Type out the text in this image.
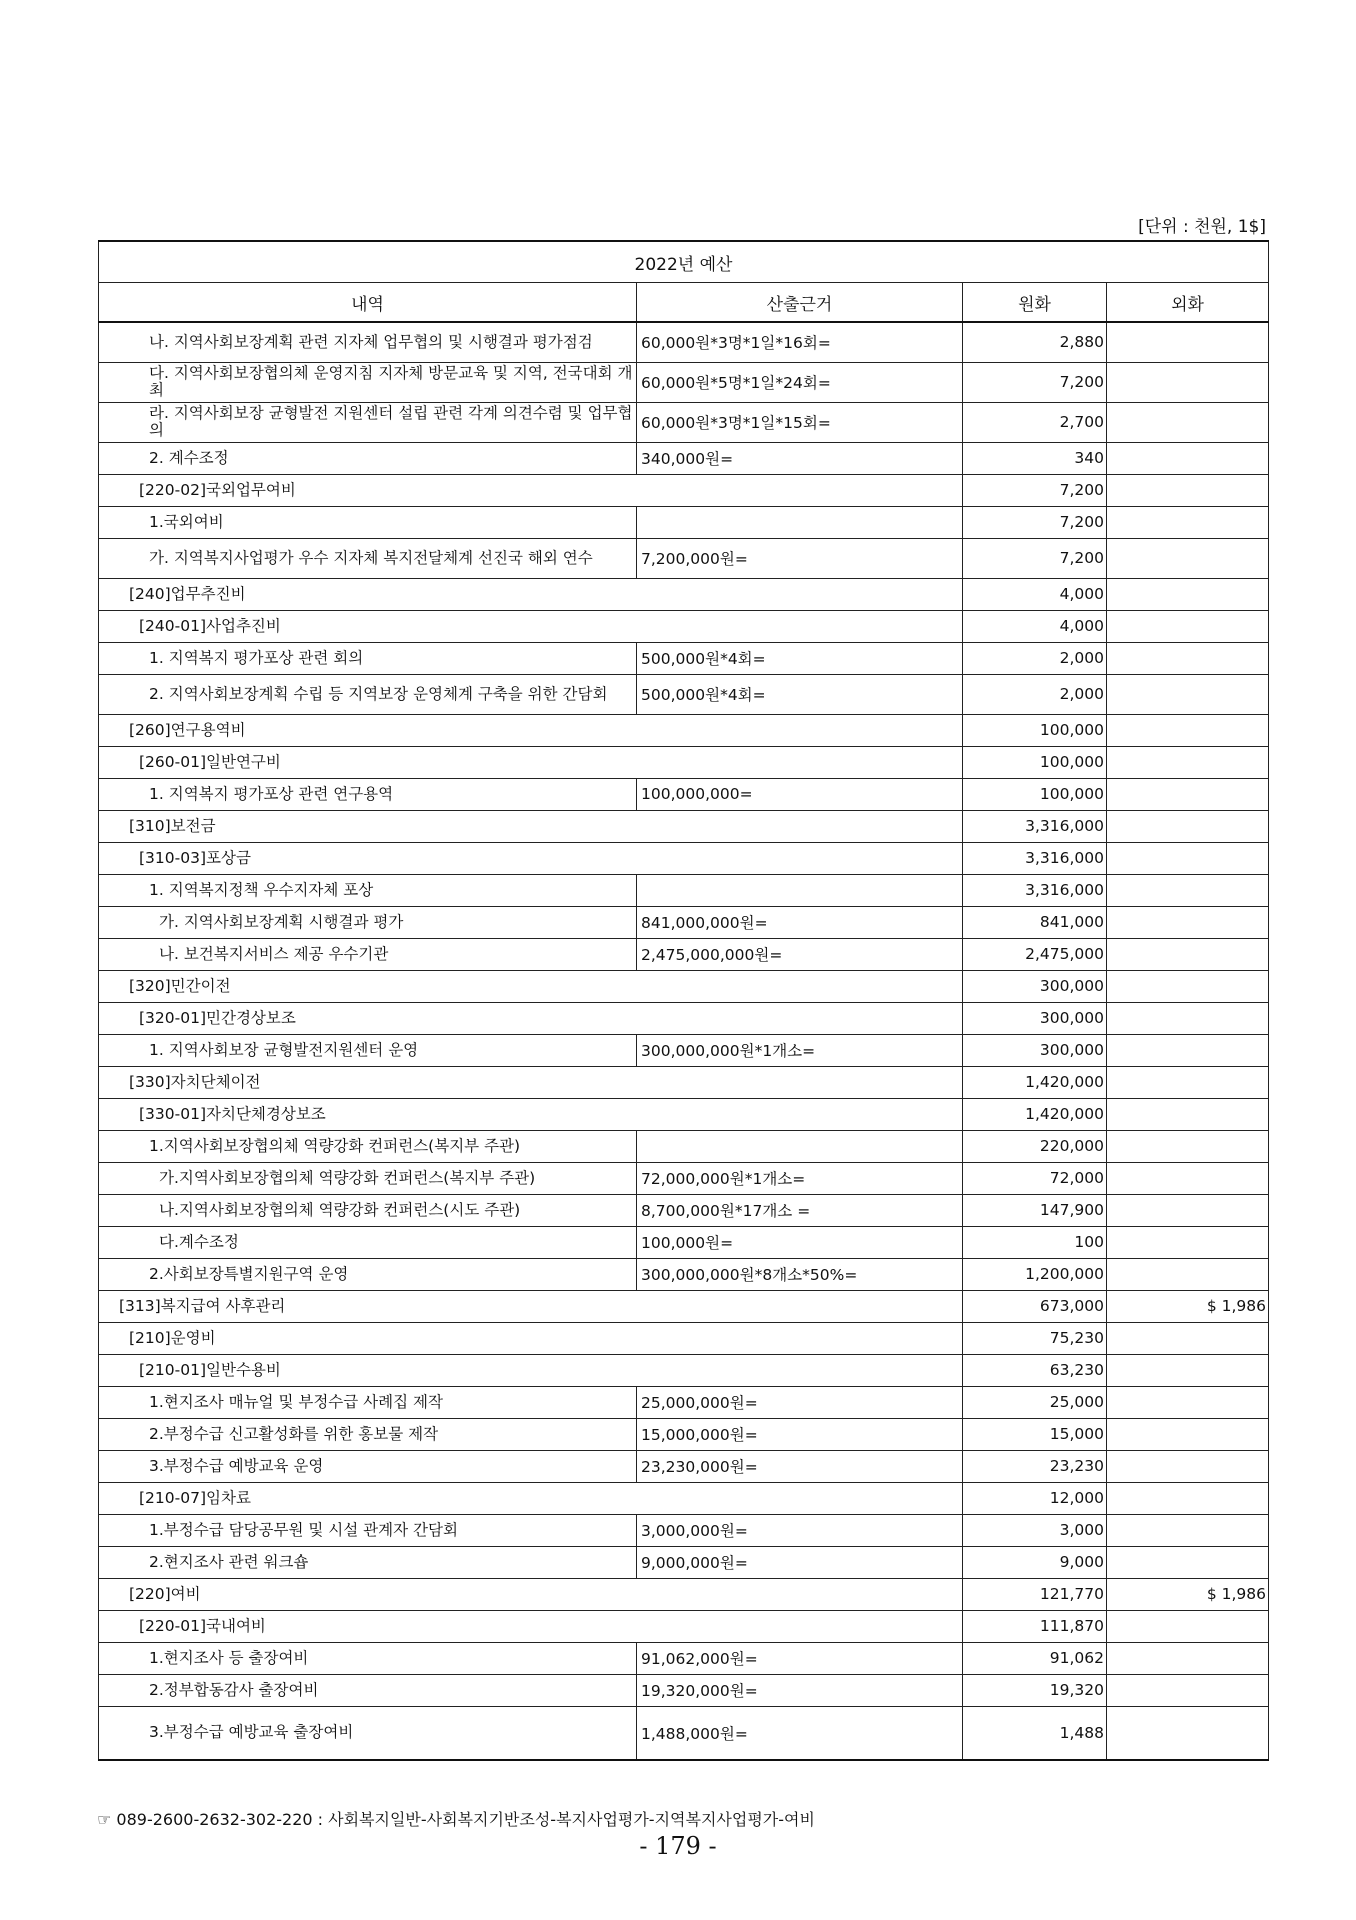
[단위 : 천원, 1$]
2022년 예산			
내역	산출근거	원화	외화
나. 지역사회보장계획 관련 지자체 업무협의 및 시행결과 평가점검	60,000원*3명*1일*16회=	2,880	
다. 지역사회보장협의체 운영지침 지자체 방문교육 및 지역, 전국대회 개최	60,000원*5명*1일*24회=	7,200	
라. 지역사회보장 균형발전 지원센터 설립 관련 각계 의견수렴 및 업무협의	60,000원*3명*1일*15회=	2,700	
2. 계수조정	340,000원=	340	
[220-02]국외업무여비		7,200	
1.국외여비		7,200	
가. 지역복지사업평가 우수 지자체 복지전달체계 선진국 해외 연수	7,200,000원=	7,200	
[240]업무추진비		4,000	
[240-01]사업추진비		4,000	
1. 지역복지 평가포상 관련 회의	500,000원*4회=	2,000	
2. 지역사회보장계획 수립 등 지역보장 운영체계 구축을 위한 간담회	500,000원*4회=	2,000	
[260]연구용역비		100,000	
[260-01]일반연구비		100,000	
1. 지역복지 평가포상 관련 연구용역	100,000,000=	100,000	
[310]보전금		3,316,000	
[310-03]포상금		3,316,000	
1. 지역복지정책 우수지자체 포상		3,316,000	
가. 지역사회보장계획 시행결과 평가	841,000,000원=	841,000	
나. 보건복지서비스 제공 우수기관	2,475,000,000원=	2,475,000	
[320]민간이전		300,000	
[320-01]민간경상보조		300,000	
1. 지역사회보장 균형발전지원센터 운영	300,000,000원*1개소=	300,000	
[330]자치단체이전		1,420,000	
[330-01]자치단체경상보조		1,420,000	
1.지역사회보장협의체 역량강화 컨퍼런스(복지부 주관)		220,000	
가.지역사회보장협의체 역량강화 컨퍼런스(복지부 주관)	72,000,000원*1개소=	72,000	
나.지역사회보장협의체 역량강화 컨퍼런스(시도 주관)	8,700,000원*17개소 =	147,900	
다.계수조정	100,000원=	100	
2.사회보장특별지원구역 운영	300,000,000원*8개소*50%=	1,200,000	
[313]복지급여 사후관리		673,000	$ 1,986
[210]운영비		75,230	
[210-01]일반수용비		63,230	
1.현지조사 매뉴얼 및 부정수급 사례집 제작	25,000,000원=	25,000	
2.부정수급 신고활성화를 위한 홍보물 제작	15,000,000원=	15,000	
3.부정수급 예방교육 운영	23,230,000원=	23,230	
[210-07]임차료		12,000	
1.부정수급 담당공무원 및 시설 관계자 간담회	3,000,000원=	3,000	
2.현지조사 관련 워크숍	9,000,000원=	9,000	
[220]여비		121,770	$ 1,986
[220-01]국내여비		111,870	
1.현지조사 등 출장여비	91,062,000원=	91,062	
2.정부합동감사 출장여비	19,320,000원=	19,320	
3.부정수급 예방교육 출장여비	1,488,000원=	1,488	
☞ 089-2600-2632-302-220 : 사회복지일반-사회복지기반조성-복지사업평가-지역복지사업평가-여비
- 179 -
